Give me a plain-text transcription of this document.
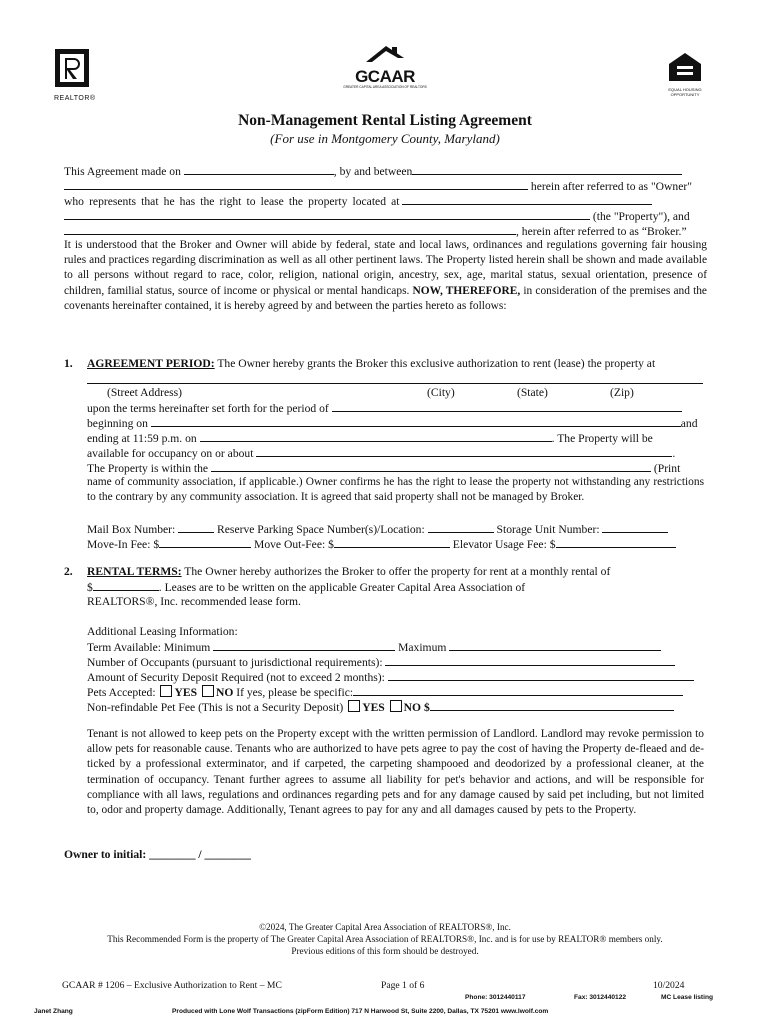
REALTOR®
GCAAR
GREATER CAPITAL AREA ASSOCIATION OF REALTORS	EQUAL HOUSING OPPORTUNITY
Non-Management Rental Listing Agreement
(For use in Montgomery County, Maryland)
This Agreement made on	, by and between
herein after referred to as "Owner"
who represents that he has the right to lease the property located at
(the "Property"), and
, herein after referred to as “Broker.”
It is understood that the Broker and Owner will abide by federal, state and local laws, ordinances and regulations governing fair housing rules and practices regarding discrimination as well as all other pertinent laws. The Property listed herein shall be shown and made available to all persons without regard to race, color, religion, national origin, ancestry, sex, age, marital status, sexual orientation, presence of children, familial status, source of income or physical or mental handicaps. NOW, THEREFORE, in consideration of the premises and the covenants hereinafter contained, it is hereby agreed by and between the parties hereto as follows:
1. AGREEMENT PERIOD: The Owner hereby grants the Broker this exclusive authorization to rent (lease) the property at
(Street Address)	(City)	(State)	(Zip)
upon the terms hereinafter set forth for the period of
beginning on	and
ending at 11:59 p.m. on	. The Property will be
available for occupancy on or about	.
The Property is within the	(Print
name of community association, if applicable.) Owner confirms he has the right to lease the property not withstanding any restrictions to the contrary by any community association. It is agreed that said property shall not be managed by Broker.
Mail Box Number:	Reserve Parking Space Number(s)/Location:	Storage Unit Number:
Move-In Fee: $	Move Out-Fee: $	Elevator Usage Fee: $
2. RENTAL TERMS: The Owner hereby authorizes the Broker to offer the property for rent at a monthly rental of
$	. Leases are to be written on the applicable Greater Capital Area Association of
REALTORS®, Inc. recommended lease form.
Additional Leasing Information:
Term Available: Minimum	Maximum
Number of Occupants (pursuant to jurisdictional requirements):
Amount of Security Deposit Required (not to exceed 2 months):
Pets Accepted: YES NO If yes, please be specific:
Non-refindable Pet Fee (This is not a Security Deposit) YES NO $
Tenant is not allowed to keep pets on the Property except with the written permission of Landlord. Landlord may revoke permission to allow pets for reasonable cause. Tenants who are authorized to have pets agree to pay the cost of having the Property de-fleaed and de-ticked by a professional exterminator, and if carpeted, the carpeting shampooed and deodorized by a professional cleaner, at the termination of occupancy. Tenant further agrees to assume all liability for pet's behavior and actions, and will be responsible for compliance with all laws, regulations and ordinances regarding pets and for any damage caused by said pet including, but not limited to, odor and property damage. Additionally, Tenant agrees to pay for any and all damages caused by pets to the Property.
Owner to initial: ________ / ________
©2024, The Greater Capital Area Association of REALTORS®, Inc.
This Recommended Form is the property of The Greater Capital Area Association of REALTORS®, Inc. and is for use by REALTOR® members only.
Previous editions of this form should be destroyed.
GCAAR # 1206 – Exclusive Authorization to Rent – MC	Page 1 of 6	10/2024
Phone: 3012440117	Fax: 3012440122	MC Lease listing
Janet Zhang	Produced with Lone Wolf Transactions (zipForm Edition) 717 N Harwood St, Suite 2200, Dallas, TX 75201 www.lwolf.com
